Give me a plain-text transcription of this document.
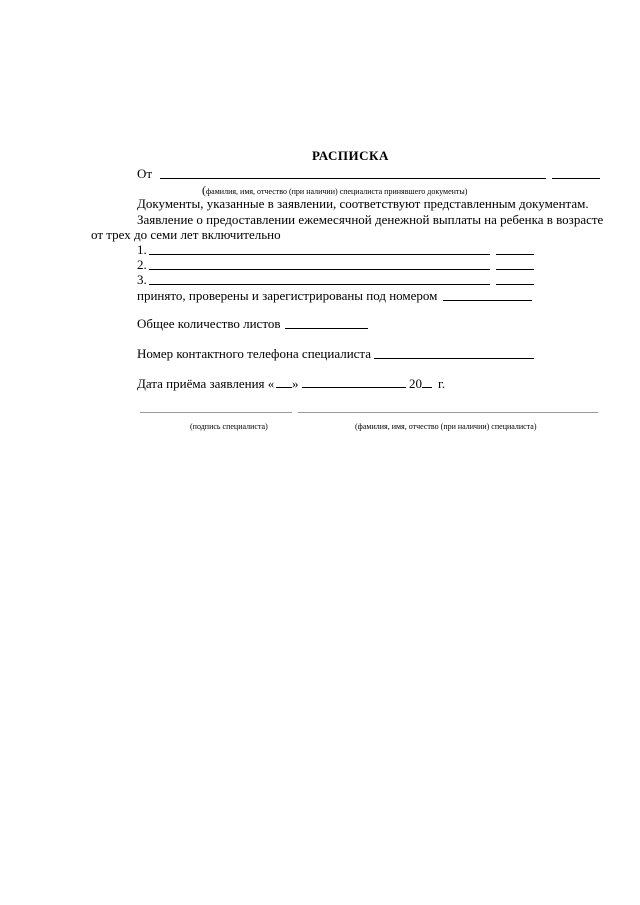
РАСПИСКА
От
(фамилия, имя, отчество (при наличии) специалиста принявшего документы)
Документы, указанные в заявлении, соответствуют представленным документам.
Заявление о предоставлении ежемесячной денежной выплаты на ребенка в возрасте
от трех до семи лет включительно
1.
2.
3.
принято, проверены и зарегистрированы под номером
Общее количество листов
Номер контактного телефона специалиста
Дата приёма заявления « »	20 г.
(подпись специалиста)	(фамилия, имя, отчество (при наличии) специалиста)
